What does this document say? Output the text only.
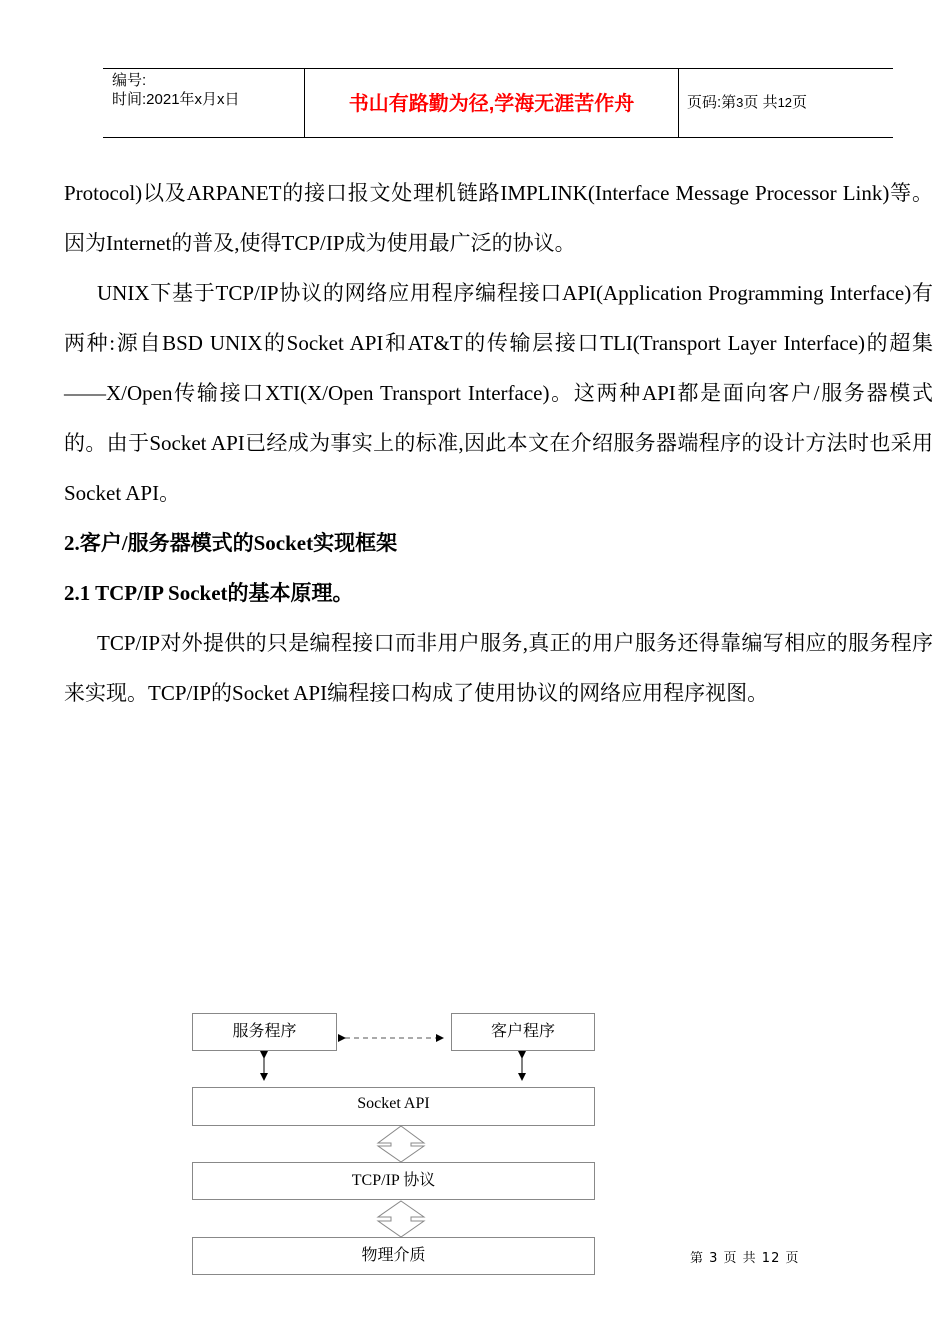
编号:
时间:2021年x月x日	书山有路勤为径,学海无涯苦作舟	页码:第3页 共12页

Protocol)以及ARPANET的接口报文处理机链路IMPLINK(Interface Message Processor Link)等。因为Internet的普及,使得TCP/IP成为使用最广泛的协议。

UNIX下基于TCP/IP协议的网络应用程序编程接口API(Application Programming Interface)有两种:源自BSD UNIX的Socket API和AT&T的传输层接口TLI(Transport Layer Interface)的超集——X/Open传输接口XTI(X/Open Transport Interface)。这两种API都是面向客户/服务器模式的。由于Socket API已经成为事实上的标准,因此本文在介绍服务器端程序的设计方法时也采用Socket API。

2.客户/服务器模式的Socket实现框架

2.1 TCP/IP Socket的基本原理。

TCP/IP对外提供的只是编程接口而非用户服务,真正的用户服务还得靠编写相应的服务程序来实现。TCP/IP的Socket API编程接口构成了使用协议的网络应用程序视图。

服务程序	客户程序
Socket API
TCP/IP 协议
物理介质	第 3 页 共 12 页
